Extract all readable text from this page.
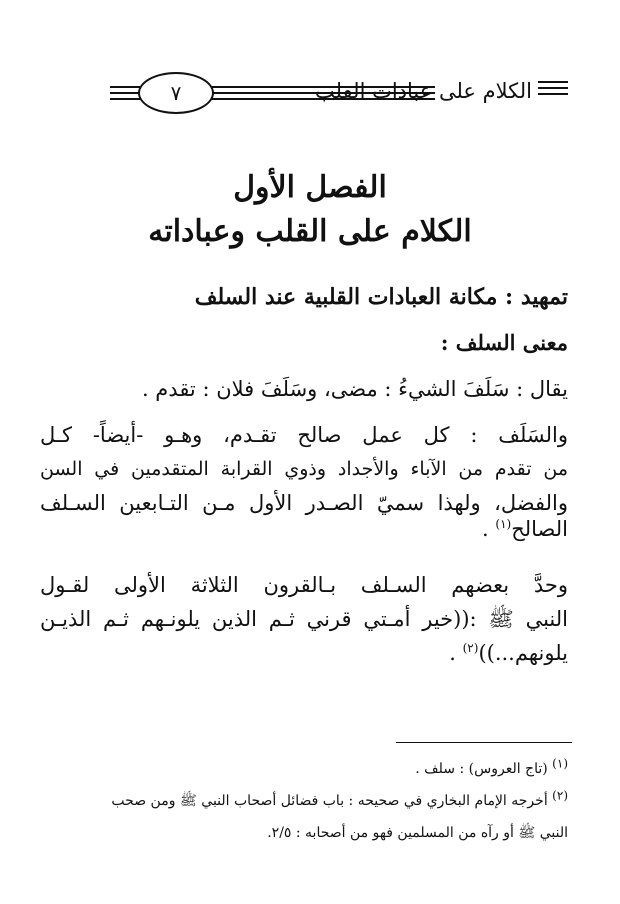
الكلام على عبادات القلب
٧
الفصل الأول
الكلام على القلب وعباداته
تمهيد : مكانة العبادات القلبية عند السلف
معنى السلف :
يقال : سَلَفَ الشيءُ : مضى، وسَلَفَ فلان : تقدم .
والسَلَف : كل عمل صالح تقـدم، وهـو -أيضاً- كـل
من تقدم من الآباء والأجداد وذوي القرابة المتقدمين في السن
والفضل، ولهذا سميّ الصـدر الأول مـن التـابعين السـلف
الصالح$^{(١)}$ .
وحدَّ بعضهم السـلف بـالقرون الثلاثة الأولى لقـول
النبي ﷺ :((خير أمـتي قرني ثـم الذين يلونـهم ثـم الذيـن
يلونهم...))$^{(٢)}$ .
$^{(١)}$ (تاج العروس) : سلف .
$^{(٢)}$ أخرجه الإمام البخاري في صحيحه : باب فضائل أصحاب النبي ﷺ ومن صحب
النبي ﷺ أو رآه من المسلمين فهو من أصحابه : ٢/٥.
